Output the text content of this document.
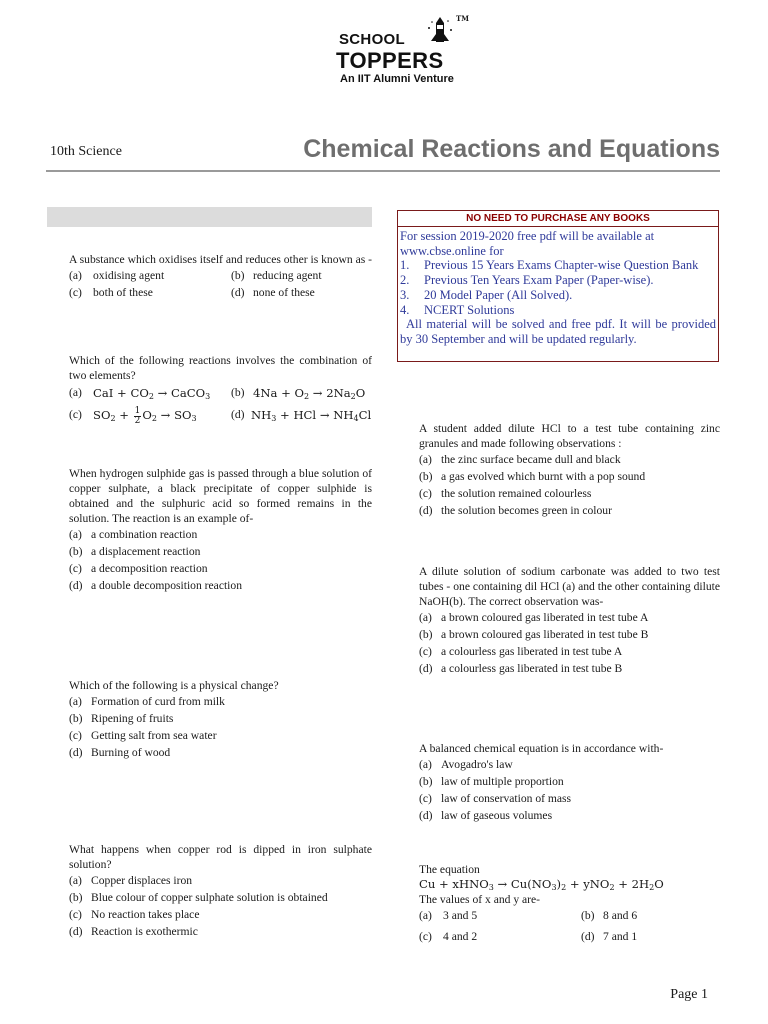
TM
SCHOOL
TOPPERS
An IIT Alumni Venture
10th Science	Chemical Reactions and Equations
NO NEED TO PURCHASE ANY BOOKS

For session 2019-2020 free pdf will be available at www.cbse.online for

1.	Previous 15 Years Exams Chapter-wise Question Bank
2.	Previous Ten Years Exam Paper (Paper-wise).
3.	20 Model Paper (All Solved).
4.	NCERT Solutions

All material will be solved and free pdf. It will be provided by 30 September and will be updated regularly.

A substance which oxidises itself and reduces other is known as -

(a) oxidising agent	(b) reducing agent
(c) both of these	(d) none of these

Which of the following reactions involves the combination of two elements?

(a) CaI + $CO_2$ → CaCO$_3$ (b) $4Na + O_2 \to 2Na_2O$
(c) $SO_2 + \frac{1}{2} O_2 \to SO_3$	(d) $NH_3$ + HCl → $NH_4Cl$

When hydrogen sulphide gas is passed through a blue solution of copper sulphate, a black precipitate of copper sulphide is obtained and the sulphuric acid so formed remains in the solution. The reaction is an example of-

(a) a combination reaction
(b) a displacement reaction
(c) a decomposition reaction
(d) a double decomposition reaction

Which of the following is a physical change?

(a) Formation of curd from milk
(b) Ripening of fruits
(c) Getting salt from sea water
(d) Burning of wood

What happens when copper rod is dipped in iron sulphate solution?

(a) Copper displaces iron
(b) Blue colour of copper sulphate solution is obtained
(c) No reaction takes place
(d) Reaction is exothermic

A student added dilute HCl to a test tube containing zinc granules and made following observations :

(a) the zinc surface became dull and black
(b) a gas evolved which burnt with a pop sound
(c) the solution remained colourless
(d) the solution becomes green in colour

A dilute solution of sodium carbonate was added to two test tubes - one containing dil HCl (a) and the other containing dilute NaOH(b). The correct observation was-

(a) a brown coloured gas liberated in test tube A
(b) a brown coloured gas liberated in test tube B
(c) a colourless gas liberated in test tube A
(d) a colourless gas liberated in test tube B

A balanced chemical equation is in accordance with-

(a) Avogadro's law
(b) law of multiple proportion
(c) law of conservation of mass
(d) law of gaseous volumes

The equation

Cu + xHNO$_3$ → $Cu(NO_3)_2 + yNO_2 + 2H_2O$

The values of x and y are-

(a) 3 and 5	(b) 8 and 6
(c) 4 and 2	(d) 7 and 1
Page 1
